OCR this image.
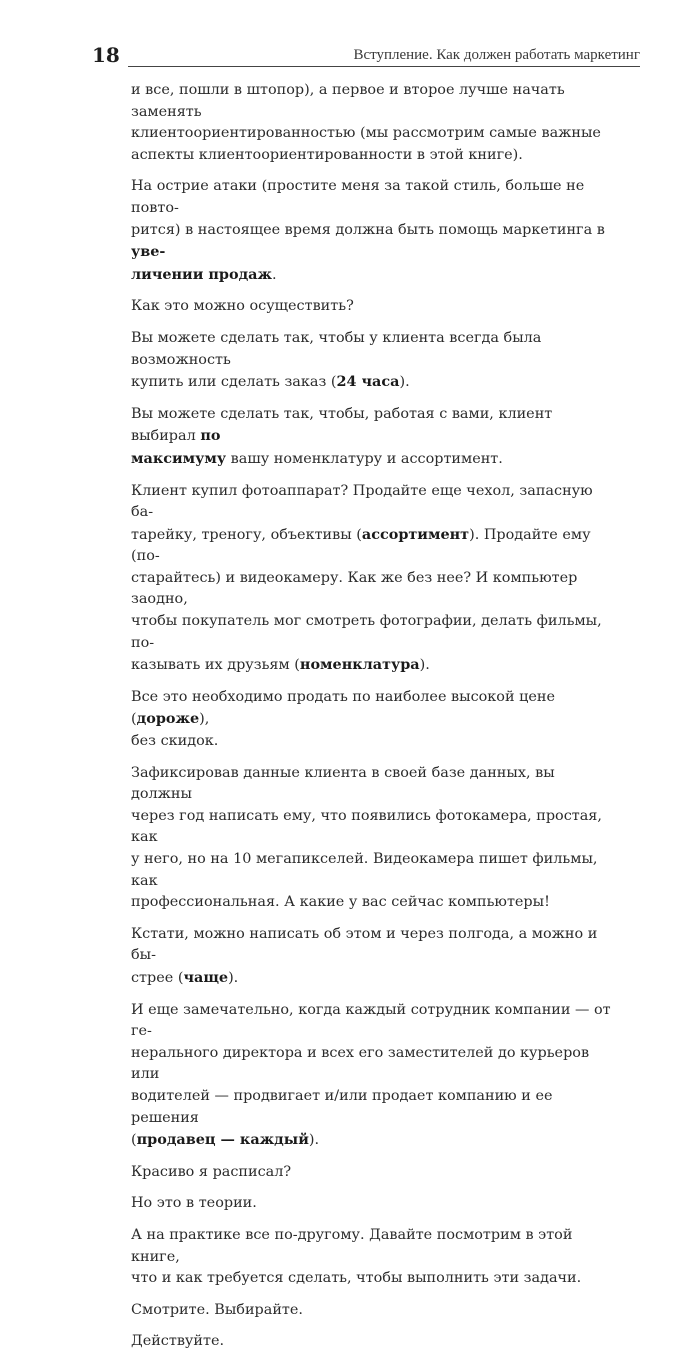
18	Вступление. Как должен работать маркетинг

и все, пошли в штопор), а первое и второе лучше начать заменять
клиентоориентированностью (мы рассмотрим самые важные
аспекты клиентоориентированности в этой книге).

На острие атаки (простите меня за такой стиль, больше не повто-
рится) в настоящее время должна быть помощь маркетинга в уве-
личении продаж.

Как это можно осуществить?

Вы можете сделать так, чтобы у клиента всегда была возможность
купить или сделать заказ (24 часа).

Вы можете сделать так, чтобы, работая с вами, клиент выбирал по
максимуму вашу номенклатуру и ассортимент.

Клиент купил фотоаппарат? Продайте еще чехол, запасную ба-
тарейку, треногу, объективы (ассортимент). Продайте ему (по-
старайтесь) и видеокамеру. Как же без нее? И компьютер заодно,
чтобы покупатель мог смотреть фотографии, делать фильмы, по-
казывать их друзьям (номенклатура).

Все это необходимо продать по наиболее высокой цене (дороже),
без скидок.

Зафиксировав данные клиента в своей базе данных, вы должны
через год написать ему, что появились фотокамера, простая, как
у него, но на 10 мегапикселей. Видеокамера пишет фильмы, как
профессиональная. А какие у вас сейчас компьютеры!

Кстати, можно написать об этом и через полгода, а можно и бы-
стрее (чаще).

И еще замечательно, когда каждый сотрудник компании — от ге-
нерального директора и всех его заместителей до курьеров или
водителей — продвигает и/или продает компанию и ее решения
(продавец — каждый).

Красиво я расписал?

Но это в теории.

А на практике все по-другому. Давайте посмотрим в этой книге,
что и как требуется сделать, чтобы выполнить эти задачи.

Смотрите. Выбирайте.

Действуйте.
